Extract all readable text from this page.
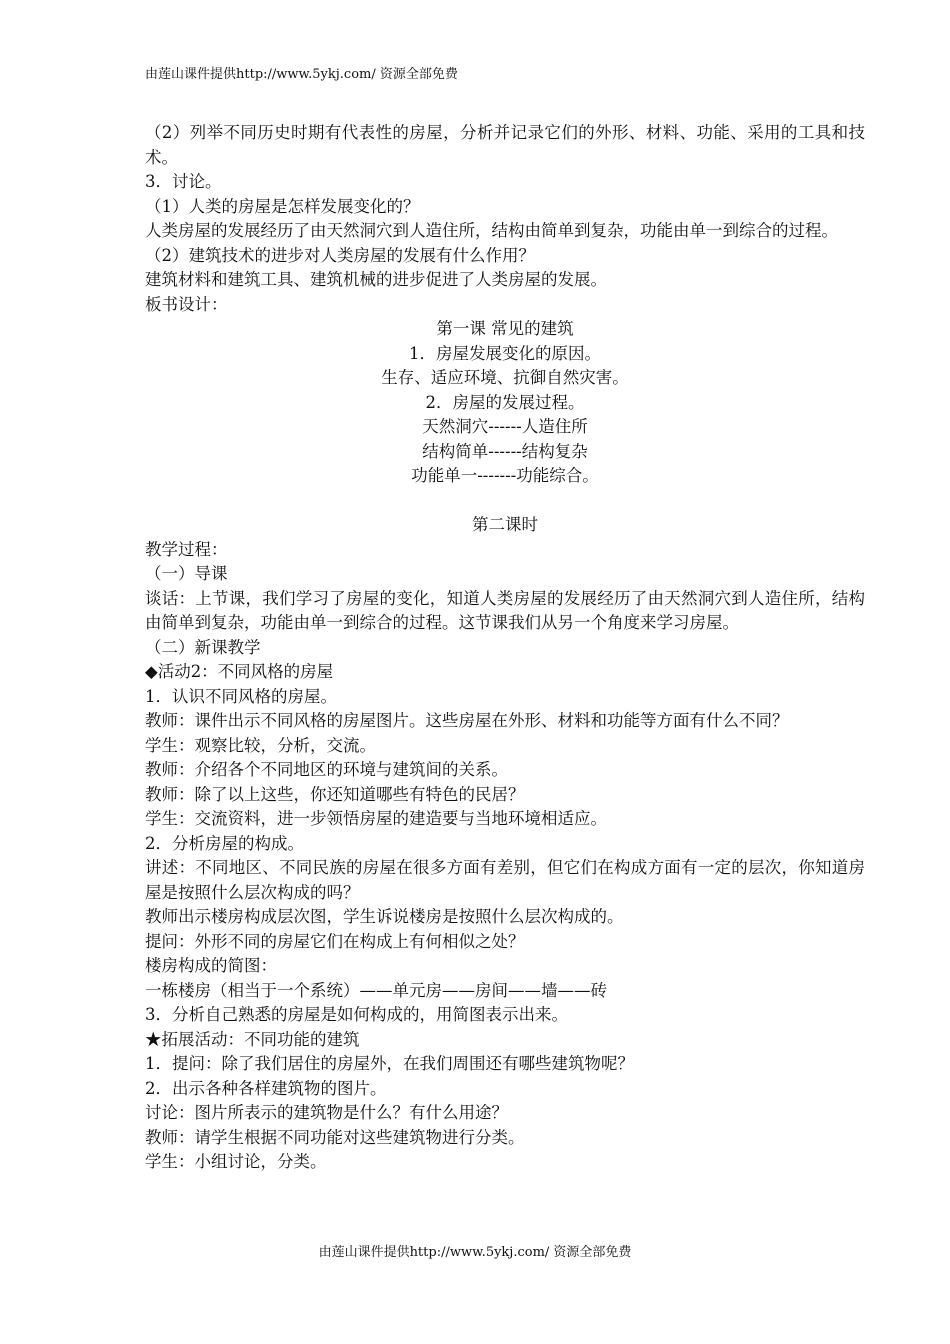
由莲山课件提供http://www.5ykj.com/ 资源全部免费

（2）列举不同历史时期有代表性的房屋，分析并记录它们的外形、材料、功能、采用的工具和技术。

3．讨论。

（1）人类的房屋是怎样发展变化的？

人类房屋的发展经历了由天然洞穴到人造住所，结构由简单到复杂，功能由单一到综合的过程。

（2）建筑技术的进步对人类房屋的发展有什么作用？

建筑材料和建筑工具、建筑机械的进步促进了人类房屋的发展。

板书设计：

第一课 常见的建筑

1．房屋发展变化的原因。

生存、适应环境、抗御自然灾害。

2．房屋的发展过程。

天然洞穴------人造住所

结构简单------结构复杂

功能单一-------功能综合。

第二课时

教学过程：

（一）导课

谈话：上节课，我们学习了房屋的变化，知道人类房屋的发展经历了由天然洞穴到人造住所，结构由简单到复杂，功能由单一到综合的过程。这节课我们从另一个角度来学习房屋。

（二）新课教学

◆活动2：不同风格的房屋

1．认识不同风格的房屋。

教师：课件出示不同风格的房屋图片。这些房屋在外形、材料和功能等方面有什么不同？

学生：观察比较，分析，交流。

教师：介绍各个不同地区的环境与建筑间的关系。

教师：除了以上这些，你还知道哪些有特色的民居？

学生：交流资料，进一步领悟房屋的建造要与当地环境相适应。

2．分析房屋的构成。

讲述：不同地区、不同民族的房屋在很多方面有差别，但它们在构成方面有一定的层次，你知道房屋是按照什么层次构成的吗？

教师出示楼房构成层次图，学生诉说楼房是按照什么层次构成的。

提问：外形不同的房屋它们在构成上有何相似之处？

楼房构成的简图：

一栋楼房（相当于一个系统）——单元房——房间——墙——砖

3．分析自己熟悉的房屋是如何构成的，用简图表示出来。

★拓展活动：不同功能的建筑

1．提问：除了我们居住的房屋外，在我们周围还有哪些建筑物呢？

2．出示各种各样建筑物的图片。

讨论：图片所表示的建筑物是什么？有什么用途？

教师：请学生根据不同功能对这些建筑物进行分类。

学生：小组讨论，分类。

由莲山课件提供http://www.5ykj.com/ 资源全部免费
